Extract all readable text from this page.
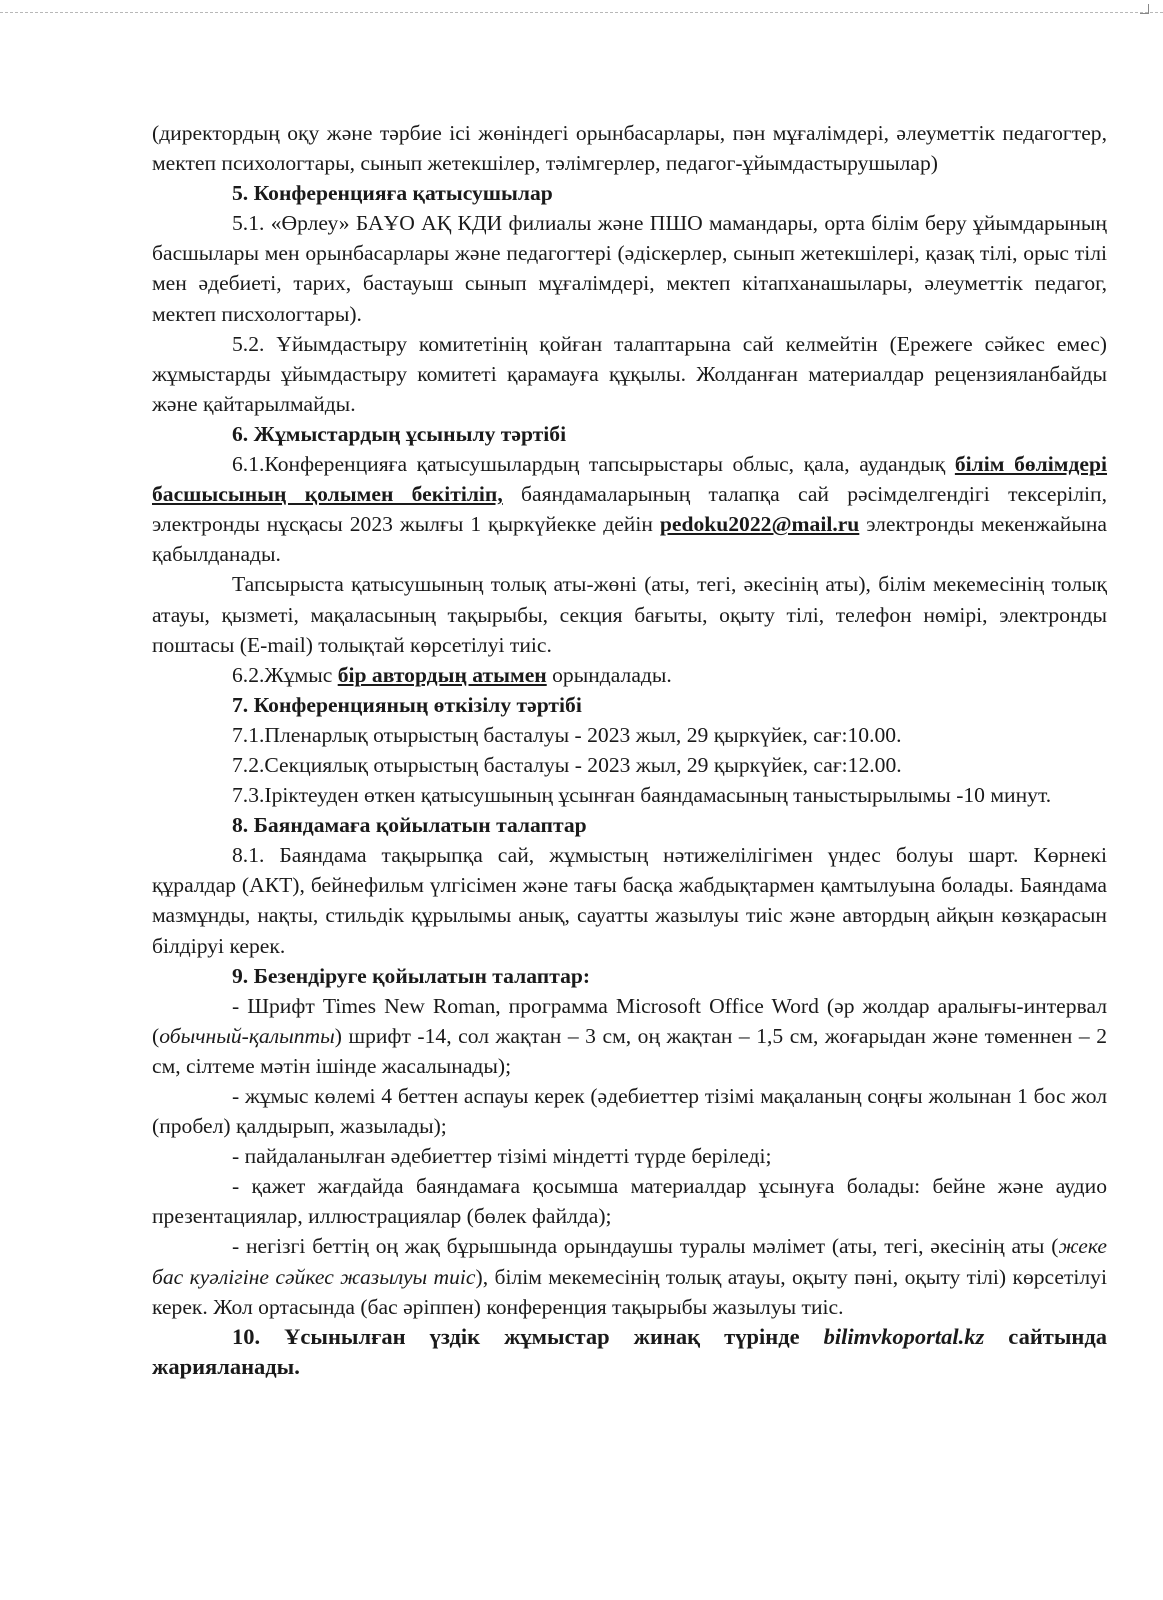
(директордың оқу және тәрбие ісі жөніндегі орынбасарлары, пән мұғалімдері, әлеуметтік педагогтер, мектеп психологтары, сынып жетекшілер, тәлімгерлер, педагог-ұйымдастырушылар)

5. Конференцияға қатысушылар

5.1. «Өрлеу» БАҰО АҚ КДИ филиалы және ПШО мамандары, орта білім беру ұйымдарының басшылары мен орынбасарлары және педагогтері (әдіскерлер, сынып жетекшілері, қазақ тілі, орыс тілі мен әдебиеті, тарих, бастауыш сынып мұғалімдері, мектеп кітапханашылары, әлеуметтік педагог, мектеп писхологтары).

5.2. Ұйымдастыру комитетінің қойған талаптарына сай келмейтін (Ережеге сәйкес емес) жұмыстарды ұйымдастыру комитеті қарамауға құқылы. Жолданған материалдар рецензияланбайды және қайтарылмайды.

6. Жұмыстардың ұсынылу тәртібі

6.1.Конференцияға қатысушылардың тапсырыстары облыс, қала, аудандық білім бөлімдері басшысының қолымен бекітіліп, баяндамаларының талапқа сай рәсімделгендігі тексеріліп, электронды нұсқасы 2023 жылғы 1 қыркүйекке дейін pedoku2022@mail.ru электронды мекенжайына қабылданады.

Тапсырыста қатысушының толық аты-жөні (аты, тегі, әкесінің аты), білім мекемесінің толық атауы, қызметі, мақаласының тақырыбы, секция бағыты, оқыту тілі, телефон нөмірі, электронды поштасы (E-mail) толықтай көрсетілуі тиіс.

6.2.Жұмыс бір автордың атымен орындалады.

7. Конференцияның өткізілу тәртібі

7.1.Пленарлық отырыстың басталуы - 2023 жыл, 29 қыркүйек, сағ:10.00.

7.2.Секциялық отырыстың басталуы - 2023 жыл, 29 қыркүйек, сағ:12.00.

7.3.Іріктеуден өткен қатысушының ұсынған баяндамасының таныстырылымы -10 минут.

8. Баяндамаға қойылатын талаптар

8.1. Баяндама тақырыпқа сай, жұмыстың нәтижелілігімен үндес болуы шарт. Көрнекі құралдар (АКТ), бейнефильм үлгісімен және тағы басқа жабдықтармен қамтылуына болады. Баяндама мазмұнды, нақты, стильдік құрылымы анық, сауатты жазылуы тиіс және автордың айқын көзқарасын білдіруі керек.

9. Безендіруге қойылатын талаптар:

- Шрифт Times New Roman, программа Microsoft Office Word (әр жолдар аралығы-интервал (обычный-қалыпты) шрифт -14, сол жақтан – 3 см, оң жақтан – 1,5 см, жоғарыдан және төменнен – 2 см, сілтеме мәтін ішінде жасалынады);

- жұмыс көлемі 4 беттен аспауы керек (әдебиеттер тізімі мақаланың соңғы жолынан 1 бос жол (пробел) қалдырып, жазылады);

- пайдаланылған әдебиеттер тізімі міндетті түрде беріледі;

- қажет жағдайда баяндамаға қосымша материалдар ұсынуға болады: бейне және аудио презентациялар, иллюстрациялар (бөлек файлда);

- негізгі беттің оң жақ бұрышында орындаушы туралы мәлімет (аты, тегі, әкесінің аты (жеке бас куәлігіне сәйкес жазылуы тиіс), білім мекемесінің толық атауы, оқыту пәні, оқыту тілі) көрсетілуі керек. Жол ортасында (бас әріппен) конференция тақырыбы жазылуы тиіс.

10. Ұсынылған үздік жұмыстар жинақ түрінде bilimvkoportal.kz сайтында жарияланады.
